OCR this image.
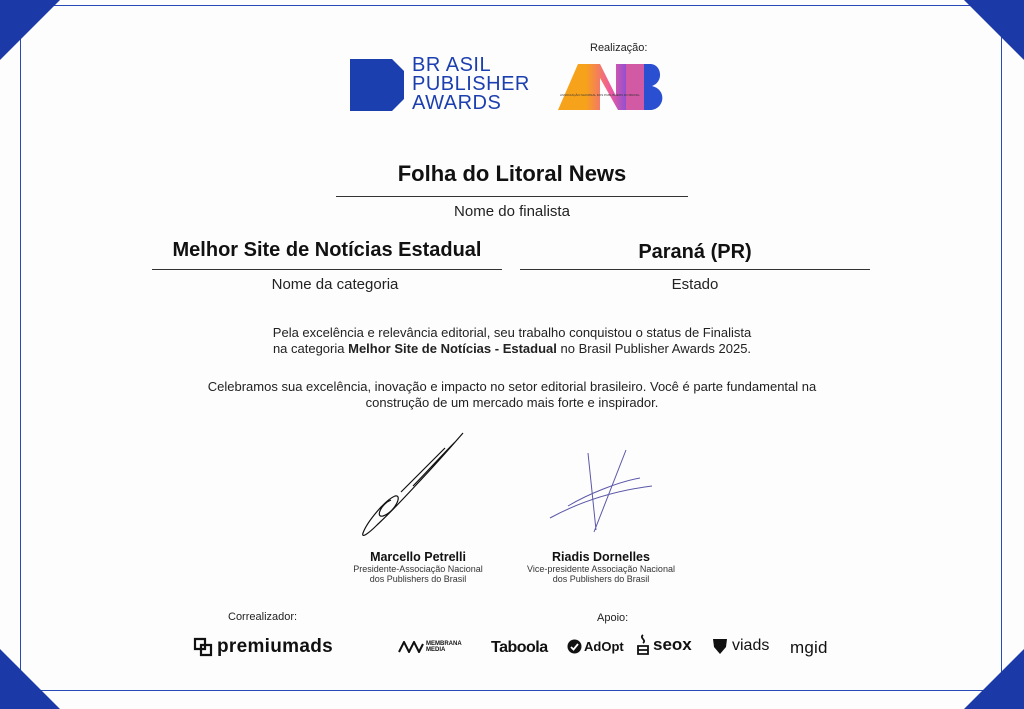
BR ASIL
PUBLISHER
AWARDS
Realização:
ASSOCIAÇÃO NACIONAL DOS PUBLISHERS DO BRASIL
Folha do Litoral News
Nome do finalista
Melhor Site de Notícias Estadual
Nome da categoria
Paraná (PR)
Estado
Pela excelência e relevância editorial, seu trabalho conquistou o status de Finalista
na categoria Melhor Site de Notícias - Estadual no Brasil Publisher Awards 2025.
Celebramos sua excelência, inovação e impacto no setor editorial brasileiro. Você é parte fundamental na
construção de um mercado mais forte e inspirador.
Marcello Petrelli
Presidente-Associação Nacional
dos Publishers do Brasil
Riadis Dornelles
Vice-presidente Associação Nacional
dos Publishers do Brasil
Correalizador:
premiumads
Apoio:
MEMBRANA
MEDIA	Taboola	AdOpt seox	viads mgid
